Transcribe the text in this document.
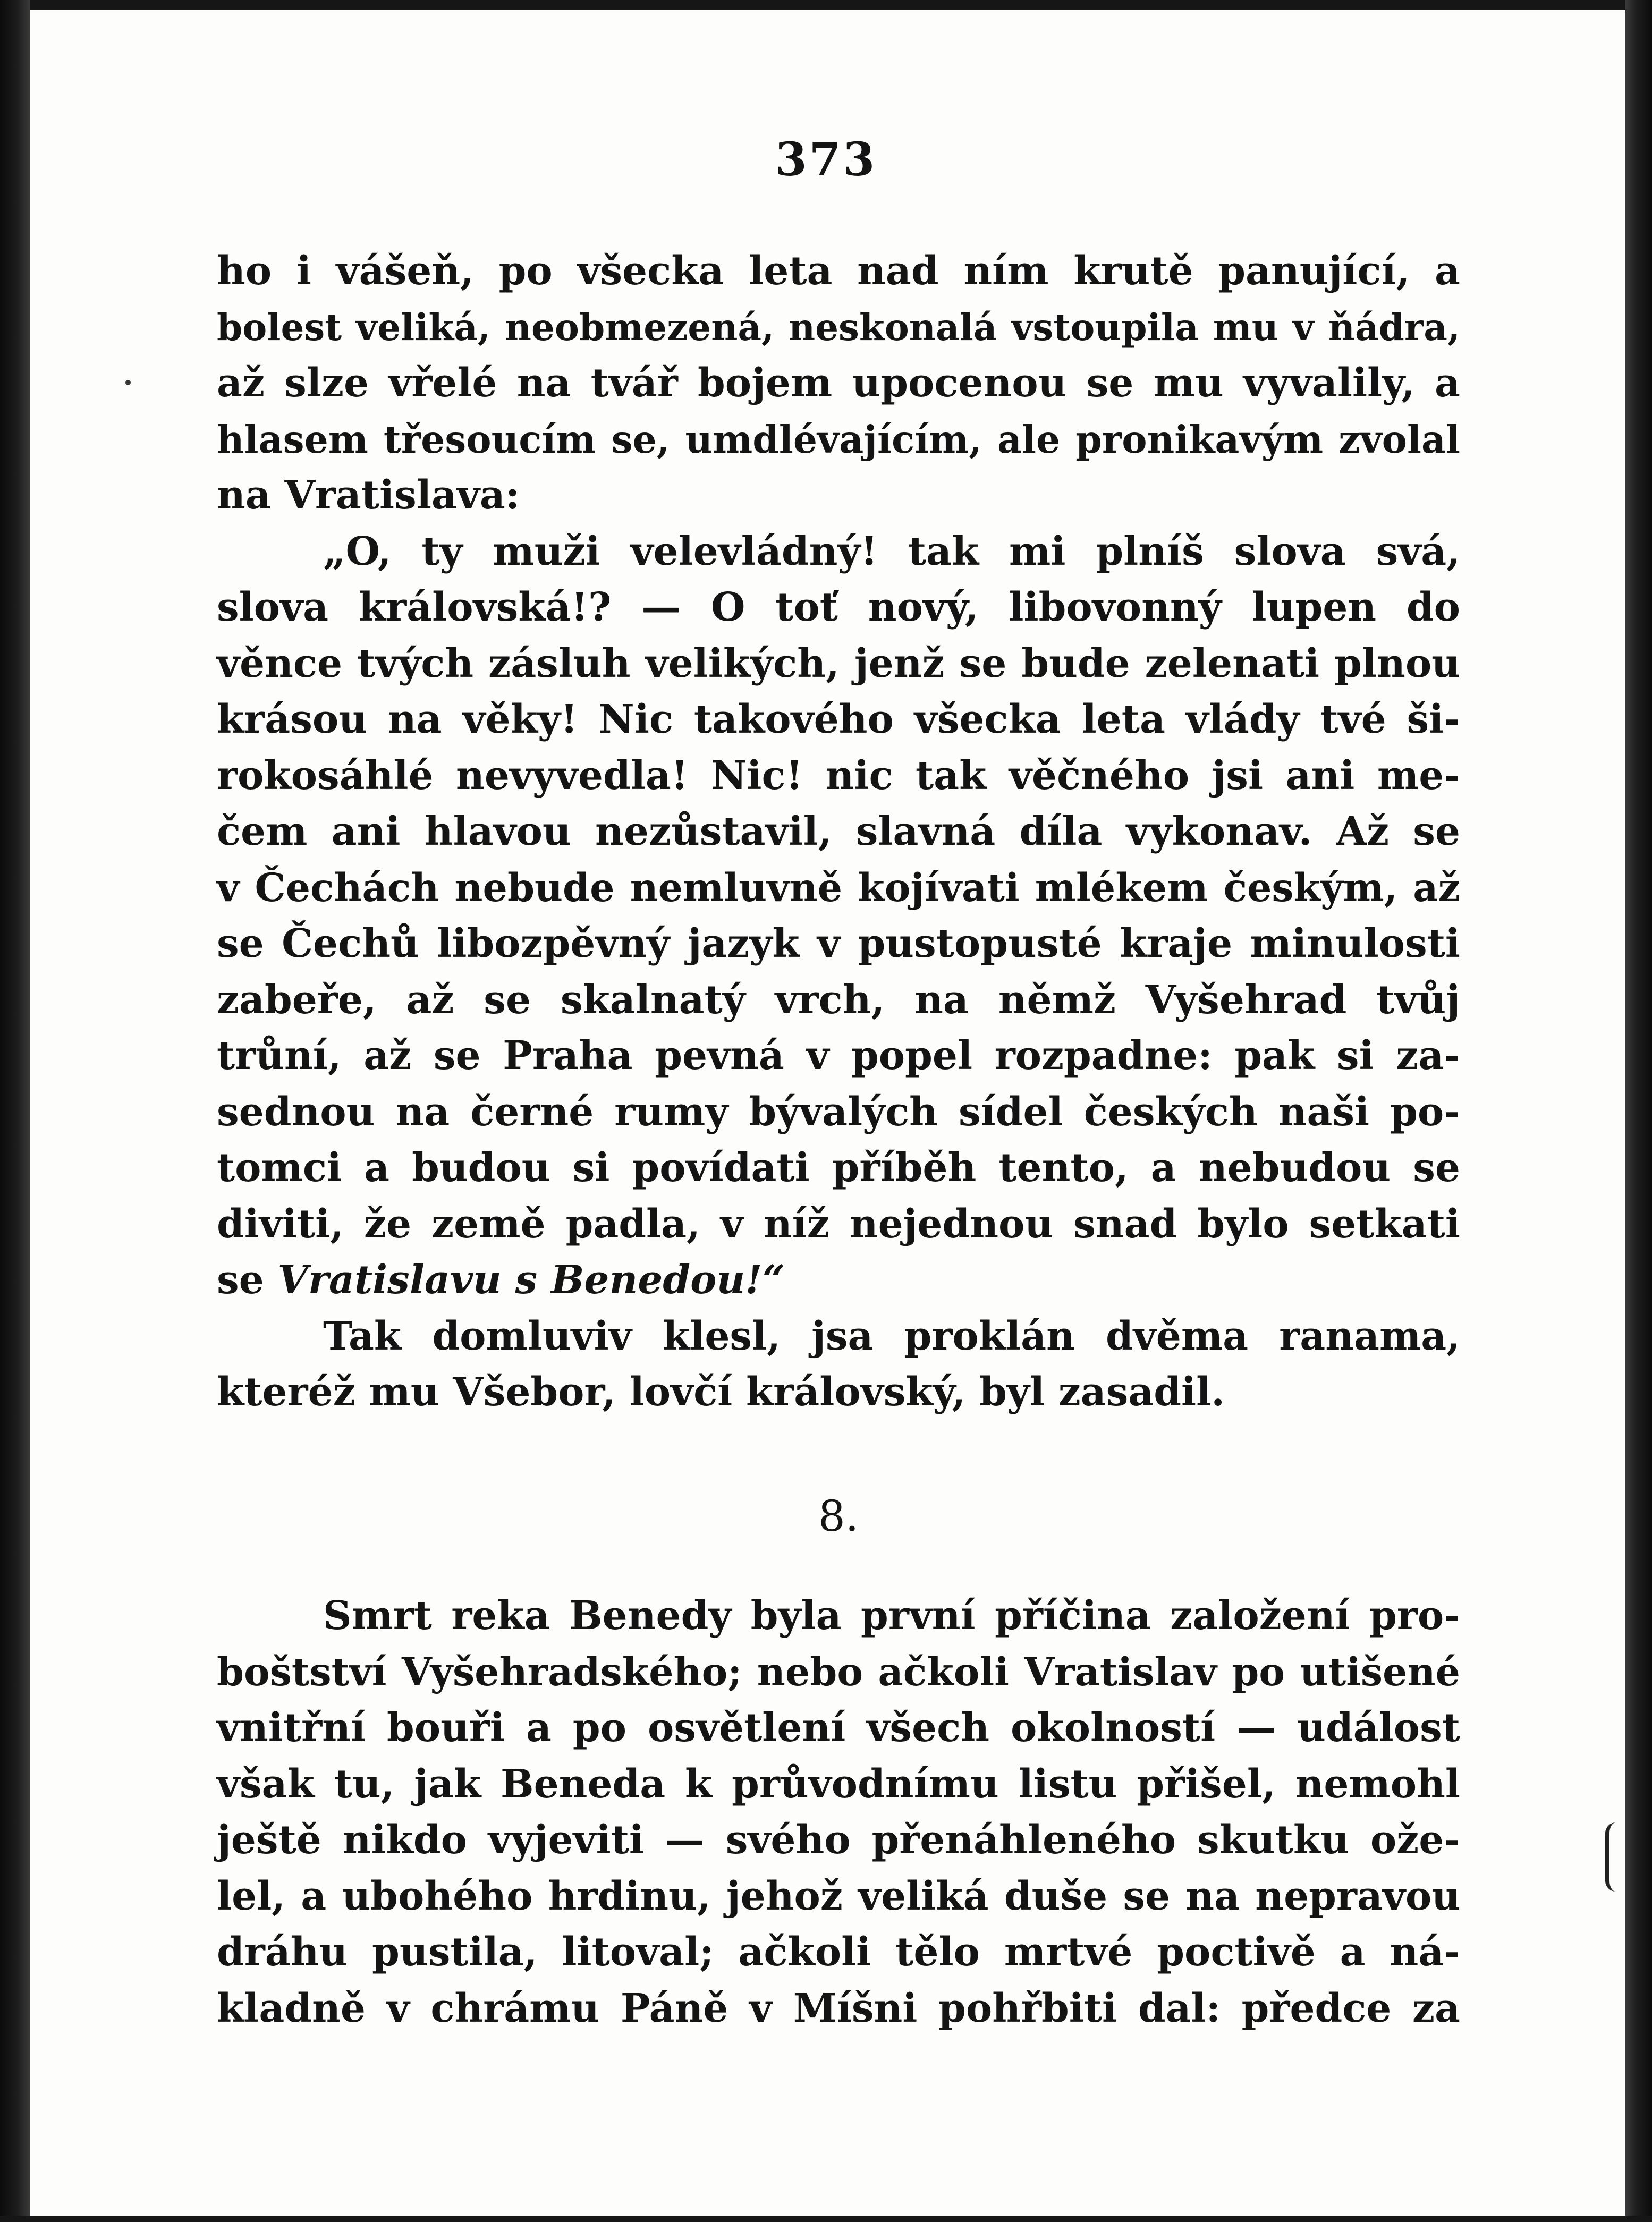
373
ho i vášeň, po všecka leta nad ním krutě panující, a
bolest veliká, neobmezená, neskonalá vstoupila mu v ňádra,
až slze vřelé na tvář bojem upocenou se mu vyvalily, a
hlasem třesoucím se, umdlévajícím, ale pronikavým zvolal
na Vratislava:
„O, ty muži velevládný! tak mi plníš slova svá,
slova královská!? — O toť nový, libovonný lupen do
věnce tvých zásluh velikých, jenž se bude zelenati plnou
krásou na věky! Nic takového všecka leta vlády tvé ši-
rokosáhlé nevyvedla! Nic! nic tak věčného jsi ani me-
čem ani hlavou nezůstavil, slavná díla vykonav. Až se
v Čechách nebude nemluvně kojívati mlékem českým, až
se Čechů libozpěvný jazyk v pustopusté kraje minulosti
zabeře, až se skalnatý vrch, na němž Vyšehrad tvůj
trůní, až se Praha pevná v popel rozpadne: pak si za-
sednou na černé rumy bývalých sídel českých naši po-
tomci a budou si povídati příběh tento, a nebudou se
diviti, že země padla, v níž nejednou snad bylo setkati
se Vratislavu s Benedou!“
Tak domluviv klesl, jsa proklán dvěma ranama,
kteréž mu Všebor, lovčí královský, byl zasadil.
8.
Smrt reka Benedy byla první příčina založení pro-
boštství Vyšehradského; nebo ačkoli Vratislav po utišené
vnitřní bouři a po osvětlení všech okolností — událost
však tu, jak Beneda k průvodnímu listu přišel, nemohl
ještě nikdo vyjeviti — svého přenáhleného skutku ože-
lel, a ubohého hrdinu, jehož veliká duše se na nepravou
dráhu pustila, litoval; ačkoli tělo mrtvé poctivě a ná-
kladně v chrámu Páně v Míšni pohřbiti dal: předce za
